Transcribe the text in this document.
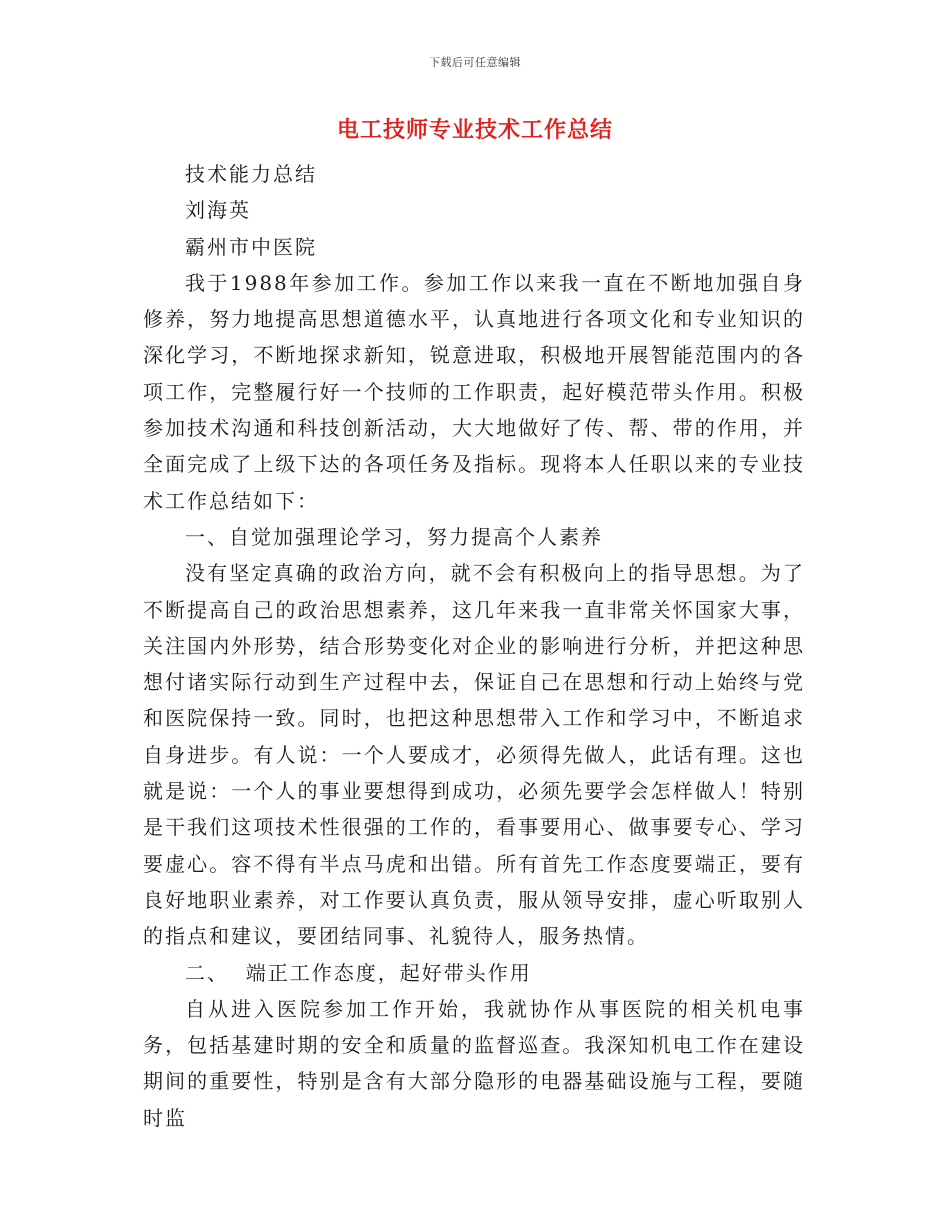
下载后可任意编辑
电工技师专业技术工作总结

技术能力总结

刘海英

霸州市中医院

我于1988年参加工作。参加工作以来我一直在不断地加强自身修养，努力地提高思想道德水平，认真地进行各项文化和专业知识的深化学习，不断地探求新知，锐意进取，积极地开展智能范围内的各项工作，完整履行好一个技师的工作职责，起好模范带头作用。积极参加技术沟通和科技创新活动，大大地做好了传、帮、带的作用，并全面完成了上级下达的各项任务及指标。现将本人任职以来的专业技术工作总结如下：

一、自觉加强理论学习，努力提高个人素养

没有坚定真确的政治方向，就不会有积极向上的指导思想。为了不断提高自己的政治思想素养，这几年来我一直非常关怀国家大事，关注国内外形势，结合形势变化对企业的影响进行分析，并把这种思想付诸实际行动到生产过程中去，保证自己在思想和行动上始终与党和医院保持一致。同时，也把这种思想带入工作和学习中，不断追求自身进步。有人说：一个人要成才，必须得先做人，此话有理。这也就是说：一个人的事业要想得到成功，必须先要学会怎样做人！特别是干我们这项技术性很强的工作的，看事要用心、做事要专心、学习要虚心。容不得有半点马虎和出错。所有首先工作态度要端正，要有良好地职业素养，对工作要认真负责，服从领导安排，虚心听取别人的指点和建议，要团结同事、礼貌待人，服务热情。

二、  端正工作态度，起好带头作用

自从进入医院参加工作开始，我就协作从事医院的相关机电事务，包括基建时期的安全和质量的监督巡查。我深知机电工作在建设期间的重要性，特别是含有大部分隐形的电器基础设施与工程，要随时监
